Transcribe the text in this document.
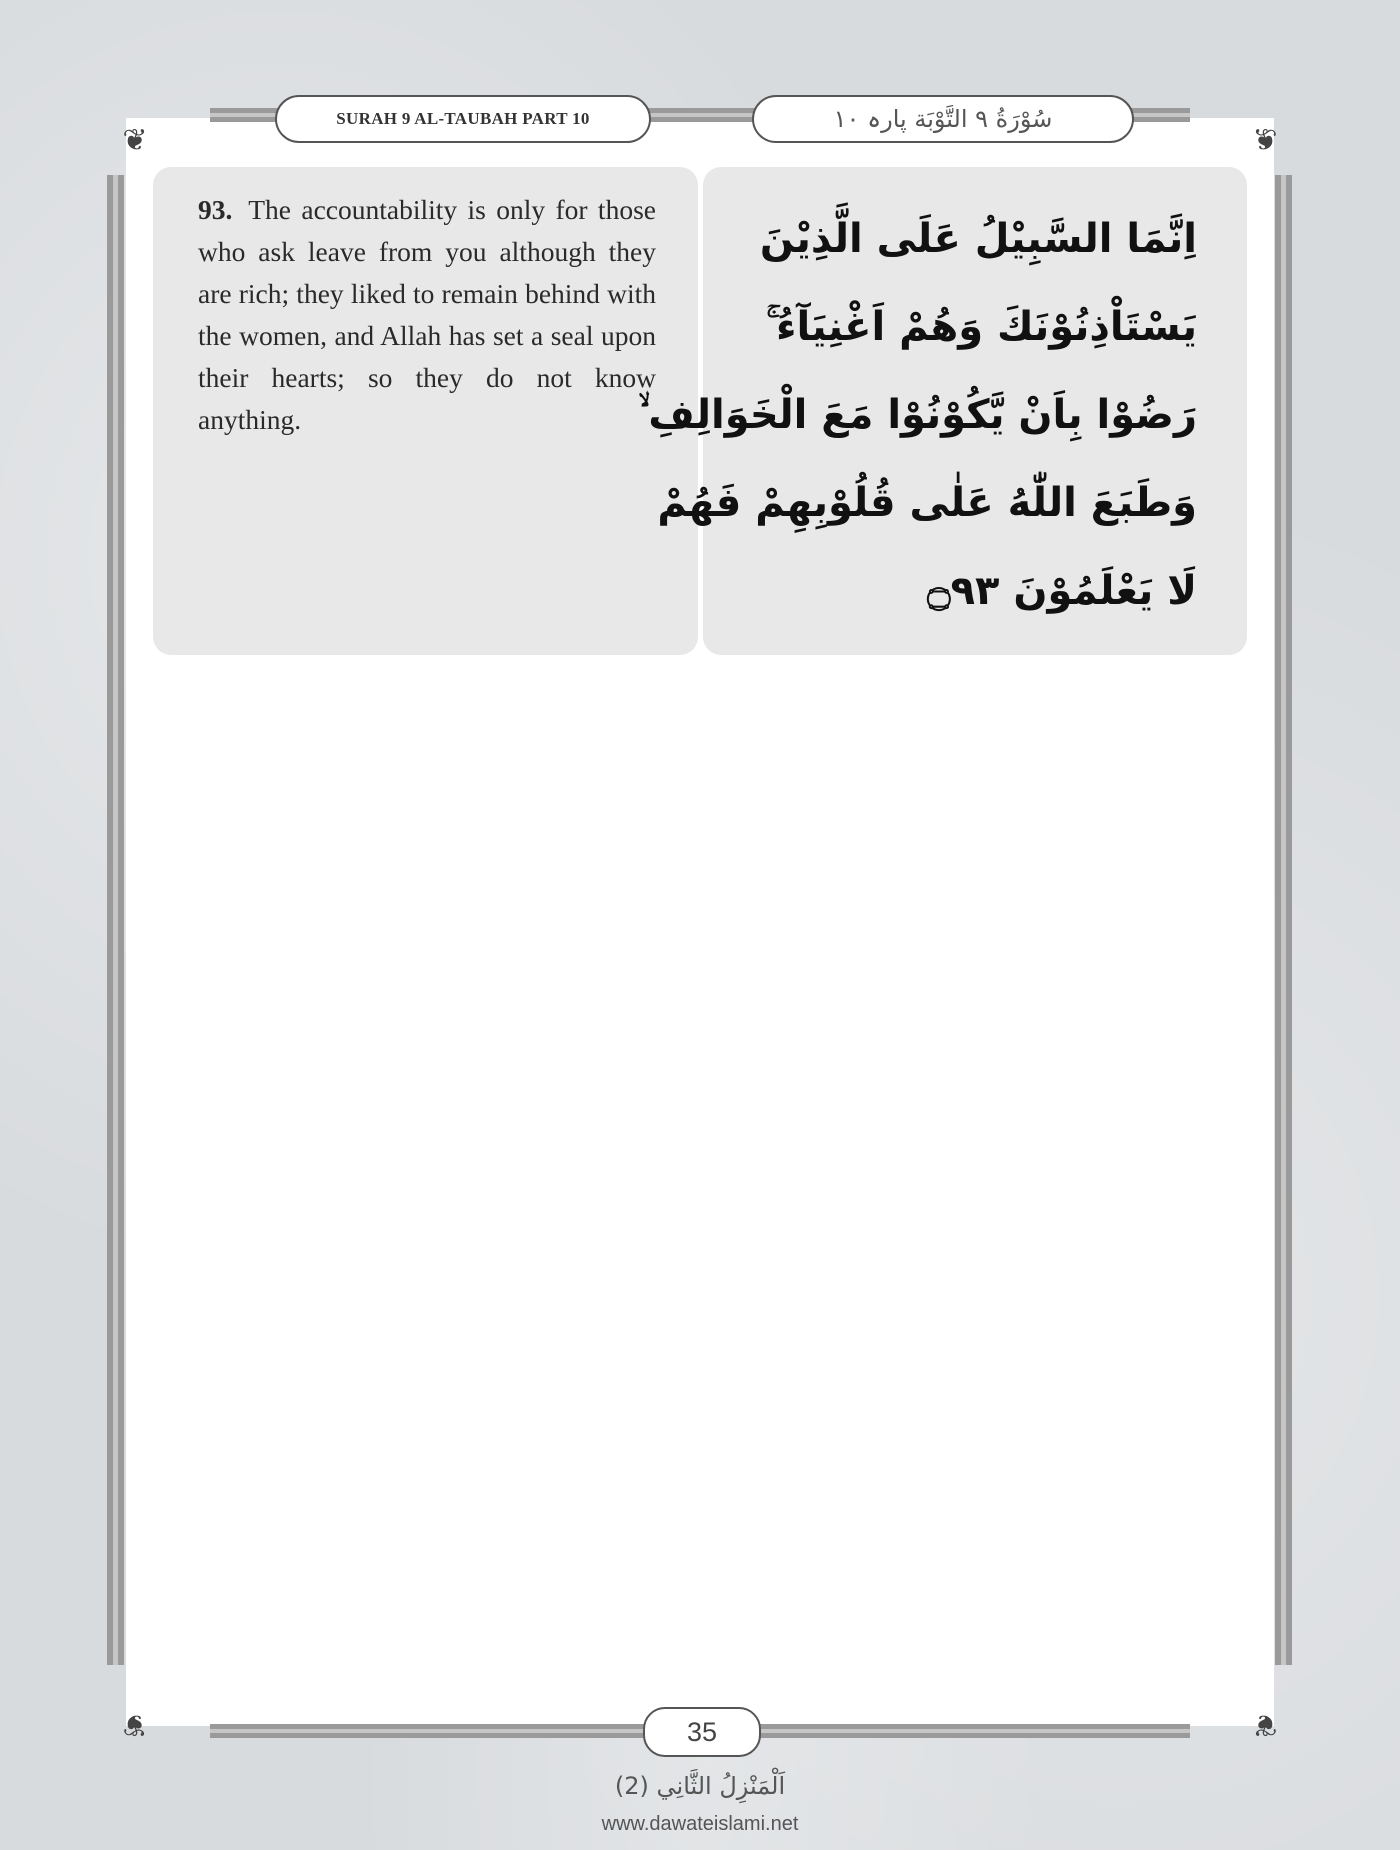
❦	❦
❦	❦
SURAH 9 AL-TAUBAH PART 10	سُوْرَةُ ٩ التَّوْبَة پارہ ١٠
93. The accountability is only for those who ask leave from you although they are rich; they liked to remain behind with the women, and Allah has set a seal upon their hearts; so they do not know anything.
اِنَّمَا السَّبِيْلُ عَلَى الَّذِيْنَ
يَسْتَاْذِنُوْنَكَ وَهُمْ اَغْنِيَآءُ ۚ
رَضُوْا بِاَنْ يَّكُوْنُوْا مَعَ الْخَوَالِفِ ۙ
وَطَبَعَ اللّٰهُ عَلٰى قُلُوْبِهِمْ فَهُمْ
لَا يَعْلَمُوْنَ ۝٩٣
35
اَلْمَنْزِلُ الثَّانِي (2)
www.dawateislami.net
